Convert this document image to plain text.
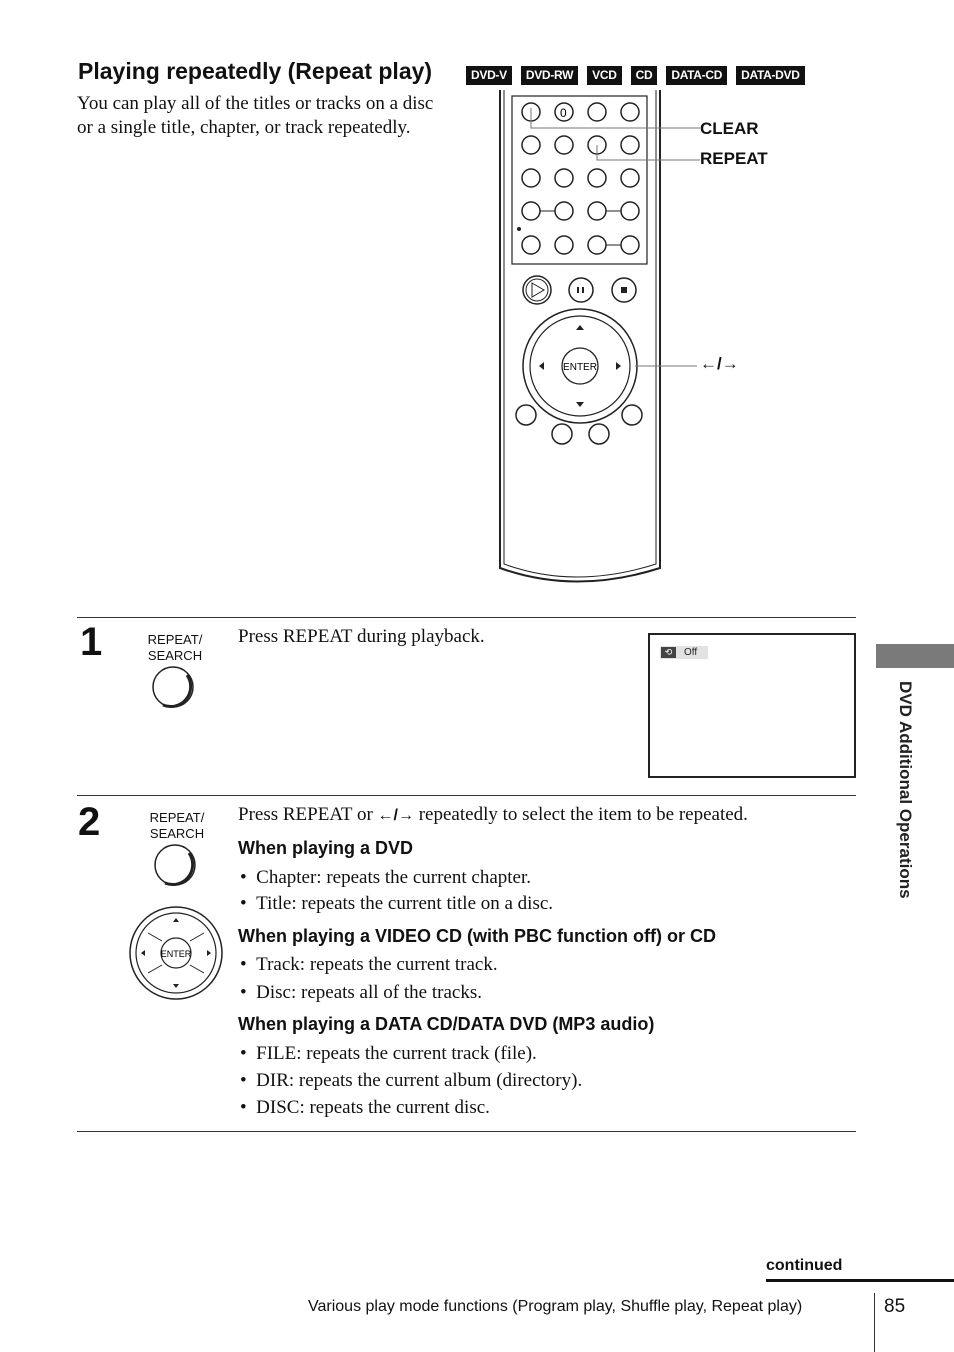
Playing repeatedly (Repeat play)	DVD-V	DVD-RW	VCD	CD	DATA-CD	DATA-DVD
You can play all of the titles or tracks on a disc or a single title, chapter, or track repeatedly.
0
ENTER
CLEAR
REPEAT
←/→
1	REPEAT/
SEARCH
Press REPEAT during playback.
⟲	Off
2	REPEAT/
SEARCH
ENTER
Press REPEAT or ←/→ repeatedly to select the item to be repeated.
When playing a DVD
•  Chapter: repeats the current chapter.
•  Title: repeats the current title on a disc.
When playing a VIDEO CD (with PBC function off) or CD
•  Track: repeats the current track.
•  Disc: repeats all of the tracks.
When playing a DATA CD/DATA DVD (MP3 audio)
•  FILE: repeats the current track (file).
•  DIR: repeats the current album (directory).
•  DISC: repeats the current disc.
DVD Additional Operations
continued
Various play mode functions (Program play, Shuffle play, Repeat play)	85
